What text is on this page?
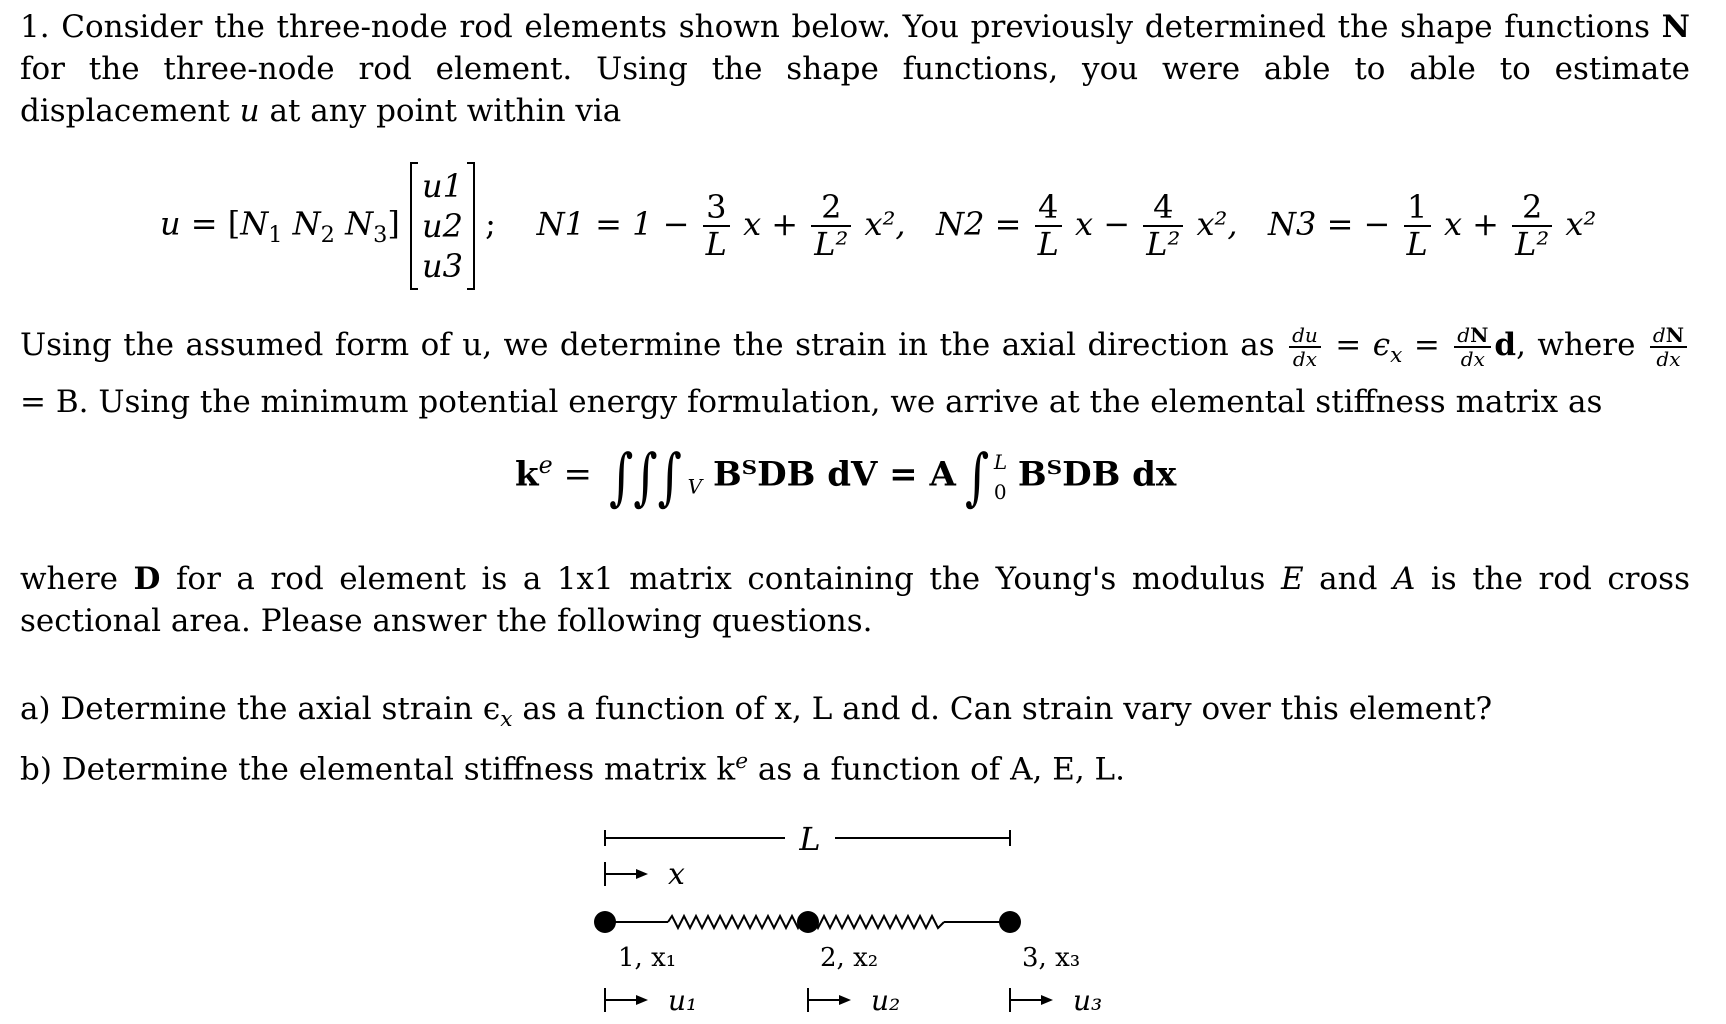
1. Consider the three-node rod elements shown below. You previously determined the shape functions N for the three-node rod element. Using the shape functions, you were able to able to estimate displacement u at any point within via
$u = [N_1$ $N_2$ $N_3$]
u1
u2
u3
;    $N1 = 1 - \frac{3}{L}$ $x + \frac{2}{\text{L²}} x^2$, $N2 = \frac{4}{L}$ $x - \frac{4}{\text{L²}} x^2$, N3 = − $\frac{1}{L}$ $x + \frac{2}{\text{L²}} x^2$
Using the assumed form of u, we determine the strain in the axial direction as $\frac{du}{dx} = \epsilon_x = \frac{dN}{dx} d$, where $\frac{dN}{dx}$
= B. Using the minimum potential energy formulation, we arrive at the elemental stiffness matrix as
$k^e$ = ∫∫∫ $_V$ BᵀDB dV = A ∫ L
0 BᵀDB dx
where D for a rod element is a 1x1 matrix containing the Young's modulus E and A is the rod cross sectional area. Please answer the following questions.
a) Determine the axial strain $\epsilon_x$ as a function of x, L and d. Can strain vary over this element?
b) Determine the elemental stiffness matrix $k^e$ as a function of A, E, L.
L
x
1, x₁	2, x₂	3, x₃
u₁	u₂	u₃
